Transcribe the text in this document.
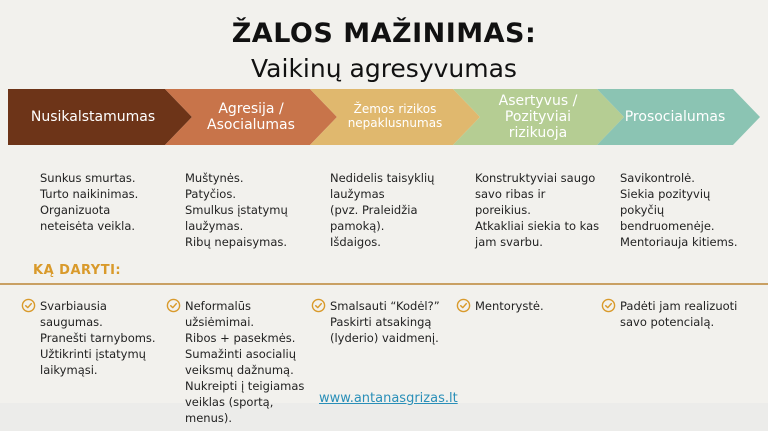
ŽALOS MAŽINIMAS:
Vaikinų agresyvumas
Nusikalstamumas
Agresija / Asocialumas
Žemos rizikos nepaklusnumas
Asertyvus / Pozityviai rizikuoja
Prosocialumas
Sunkus smurtas.
Turto naikinimas.
Organizuota
neteisėta veikla.
Muštynės.
Patyčios.
Smulkus įstatymų
laužymas.
Ribų nepaisymas.
Nedidelis taisyklių
laužymas
(pvz. Praleidžia
pamoką).
Išdaigos.
Konstruktyviai saugo
savo ribas ir
poreikius.
Atkakliai siekia to kas
jam svarbu.
Savikontrolė.
Siekia pozityvių
pokyčių
bendruomenėje.
Mentoriauja kitiems.
KĄ DARYTI:
Svarbiausia
saugumas.
Pranešti tarnyboms.
Užtikrinti įstatymų
laikymąsi.
Neformalūs
užsiėmimai.
Ribos + pasekmės.
Sumažinti asocialių
veiksmų dažnumą.
Nukreipti į teigiamas
veiklas (sportą,
menus).
Smalsauti “Kodėl?”
Paskirti atsakingą
(lyderio) vaidmenį.
Mentorystė.	Padėti jam realizuoti
savo potencialą.
www.antanasgrizas.lt
